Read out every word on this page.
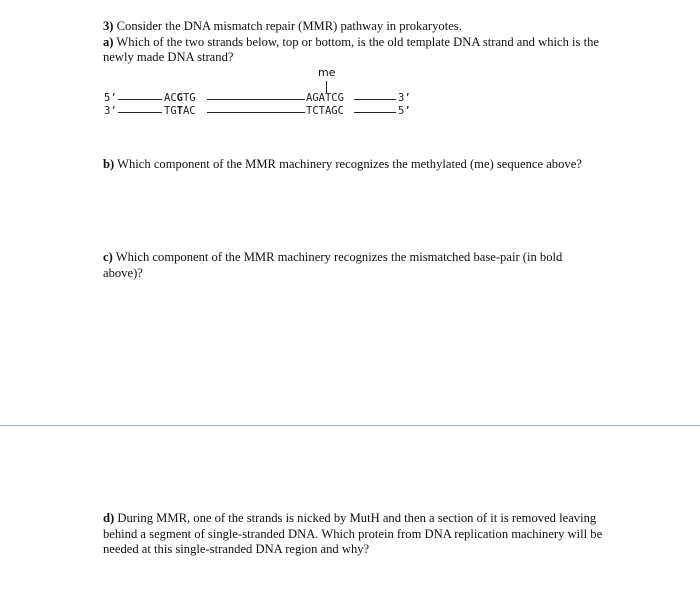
3) Consider the DNA mismatch repair (MMR) pathway in prokaryotes.
a) Which of the two strands below, top or bottom, is the old template DNA strand and which is the newly made DNA strand?
me
5’	ACGTG	AGATCG	3’
3’	TGTAC	TCTAGC	5’
b) Which component of the MMR machinery recognizes the methylated (me) sequence above?
c) Which component of the MMR machinery recognizes the mismatched base-pair (in bold above)?
d) During MMR, one of the strands is nicked by MutH and then a section of it is removed leaving behind a segment of single-stranded DNA. Which protein from DNA replication machinery will be needed at this single-stranded DNA region and why?
